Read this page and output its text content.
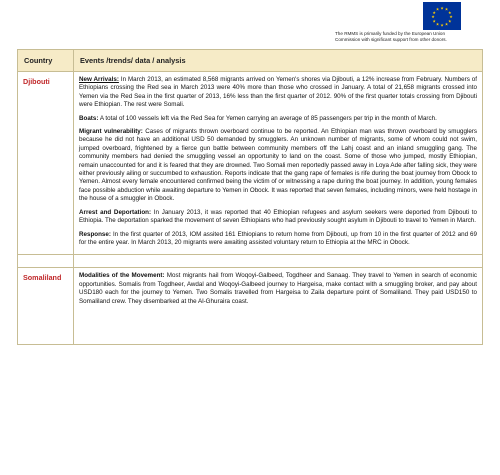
★ ★
★
★
★
★
★
★
★
★
★
★
The RMMS is primarily funded by the European Union
Commission with significant support from other donors.
Country	Events /trends/ data / analysis

Djibouti	New Arrivals: In March 2013, an estimated 8,568 migrants arrived on Yemen's shores via Djibouti, a 12% increase from February. Numbers of Ethiopians crossing the Red sea in March 2013 were 40% more than those who crossed in January. A total of 21,658 migrants crossed into Yemen via the Red Sea in the first quarter of 2013, 16% less than the first quarter of 2012. 90% of the first quarter totals crossing from Djibouti were Ethiopian. The rest were Somali.

Boats: A total of 100 vessels left via the Red Sea for Yemen carrying an average of 85 passengers per trip in the month of March.

Migrant vulnerability: Cases of migrants thrown overboard continue to be reported. An Ethiopian man was thrown overboard by smugglers because he did not have an additional USD 50 demanded by smugglers. An unknown number of migrants, some of whom could not swim, jumped overboard, frightened by a fierce gun battle between community members off the Lahj coast and an inland smuggling gang. The community members had denied the smuggling vessel an opportunity to land on the coast. Some of those who jumped, mostly Ethiopian, remain unaccounted for and it is feared that they are drowned. Two Somali men reportedly passed away in Loya Ade after falling sick, they were either previously ailing or succumbed to exhaustion. Reports indicate that the gang rape of females is rife during the boat journey from Obock to Yemen. Almost every female encountered confirmed being the victim of or witnessing a rape during the boat journey. In addition, young females face possible abduction while awaiting departure to Yemen in Obock. It was reported that seven females, including minors, were held hostage in the house of a smuggler in Obock.

Arrest and Deportation: In January 2013, it was reported that 40 Ethiopian refugees and asylum seekers were deported from Djibouti to Ethiopia. The deportation sparked the movement of seven Ethiopians who had previously sought asylum in Djibouti to travel to Yemen in March.

Response: In the first quarter of 2013, IOM assited 161 Ethiopians to return home from Djibouti, up from 10 in the first quarter of 2012 and 69 for the entire year. In March 2013, 20 migrants were awaiting assisted voluntary return to Ethiopia at the MRC in Obock.

Somaliland	Modalities of the Movement: Most migrants hail from Woqoyi-Galbeed, Togdheer and Sanaag. They travel to Yemen in search of economic opportunities. Somalis from Togdheer, Awdal and Woqoyi-Galbeed journey to Hargeisa, make contact with a smuggling broker, and pay about USD180 each for the journey to Yemen. Two Somalis travelled from Hargeisa to Zaila departure point of Somaliland. They paid USD150 to Somaliland crew. They disembarked at the Al-Ghuraira coast.
